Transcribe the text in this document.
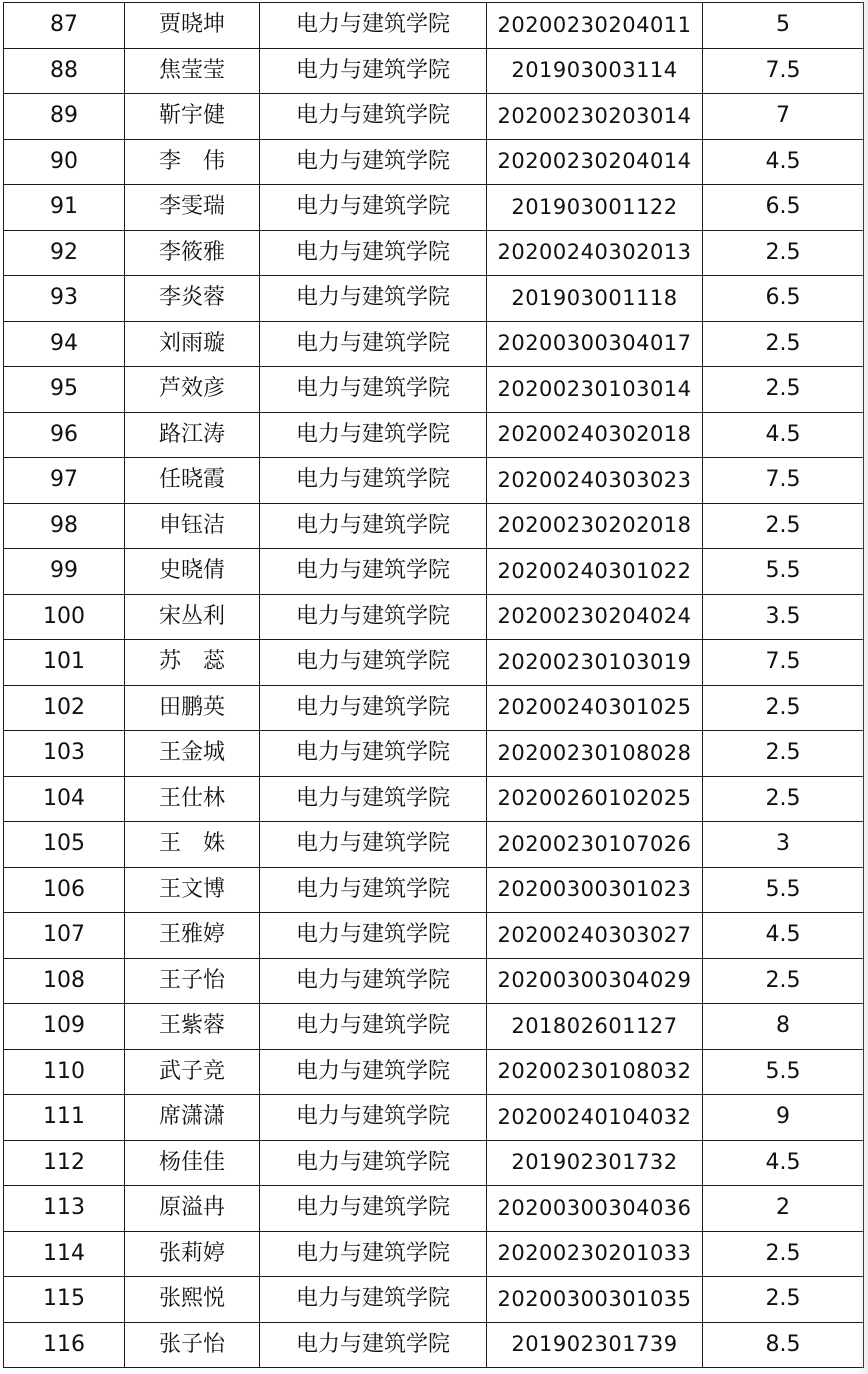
87	贾晓坤	电力与建筑学院	20200230204011	5
88	焦莹莹	电力与建筑学院	201903003114	7.5
89	靳宇健	电力与建筑学院	20200230203014	7
90	李　伟	电力与建筑学院	20200230204014	4.5
91	李雯瑞	电力与建筑学院	201903001122	6.5
92	李筱雅	电力与建筑学院	20200240302013	2.5
93	李炎蓉	电力与建筑学院	201903001118	6.5
94	刘雨璇	电力与建筑学院	20200300304017	2.5
95	芦效彦	电力与建筑学院	20200230103014	2.5
96	路江涛	电力与建筑学院	20200240302018	4.5
97	任晓霞	电力与建筑学院	20200240303023	7.5
98	申钰洁	电力与建筑学院	20200230202018	2.5
99	史晓倩	电力与建筑学院	20200240301022	5.5
100	宋丛利	电力与建筑学院	20200230204024	3.5
101	苏　蕊	电力与建筑学院	20200230103019	7.5
102	田鹏英	电力与建筑学院	20200240301025	2.5
103	王金城	电力与建筑学院	20200230108028	2.5
104	王仕林	电力与建筑学院	20200260102025	2.5
105	王　姝	电力与建筑学院	20200230107026	3
106	王文博	电力与建筑学院	20200300301023	5.5
107	王雅婷	电力与建筑学院	20200240303027	4.5
108	王子怡	电力与建筑学院	20200300304029	2.5
109	王紫蓉	电力与建筑学院	201802601127	8
110	武子竞	电力与建筑学院	20200230108032	5.5
111	席潇潇	电力与建筑学院	20200240104032	9
112	杨佳佳	电力与建筑学院	201902301732	4.5
113	原溢冉	电力与建筑学院	20200300304036	2
114	张莉婷	电力与建筑学院	20200230201033	2.5
115	张熙悦	电力与建筑学院	20200300301035	2.5
116	张子怡	电力与建筑学院	201902301739	8.5
